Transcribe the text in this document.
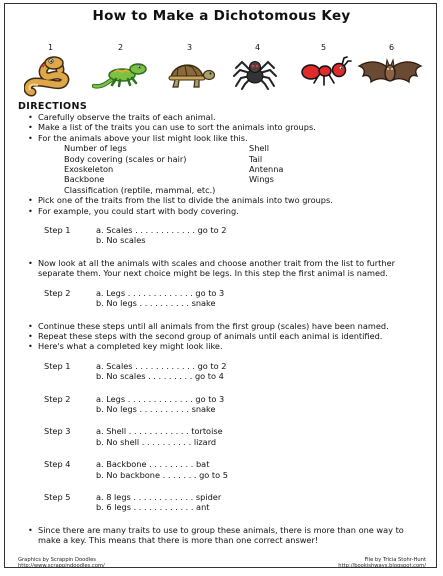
How to Make a Dichotomous Key
1	2	3	4	5	6
DIRECTIONS

• Carefully observe the traits of each animal.

• Make a list of the traits you can use to sort the animals into groups.

• For the animals above your list might look like this.

Number of legs	Shell
Body covering (scales or hair)	Tail
Exoskeleton	Antenna
Backbone	Wings
Classification (reptile, mammal, etc.)

• Pick one of the traits from the list to divide the animals into two groups.

• For example, you could start with body covering.

Step 1	a. Scales . . . . . . . . . . . . go to 2
b. No scales

• Now look at all the animals with scales and choose another trait from the list to further separate them. Your next choice might be legs. In this step the first animal is named.

Step 2	a. Legs . . . . . . . . . . . . . go to 3
b. No legs . . . . . . . . . . snake

• Continue these steps until all animals from the first group (scales) have been named.

• Repeat these steps with the second group of animals until each animal is identified.

• Here's what a completed key might look like.

Step 1	a. Scales . . . . . . . . . . . . go to 2
b. No scales . . . . . . . . . go to 4
Step 2	a. Legs . . . . . . . . . . . . . go to 3
b. No legs . . . . . . . . . . snake
Step 3	a. Shell . . . . . . . . . . . . tortoise
b. No shell . . . . . . . . . . lizard
Step 4	a. Backbone . . . . . . . . . bat
b. No backbone . . . . . . . go to 5
Step 5	a. 8 legs . . . . . . . . . . . . spider
b. 6 legs . . . . . . . . . . . . ant

• Since there are many traits to use to group these animals, there is more than one way to make a key. This means that there is more than one correct answer!

Graphics by Scrappin Doodles
http://www.scrappindoodles.com/
File by Tricia Stohr-Hunt
http://bookishways.blogspot.com/
